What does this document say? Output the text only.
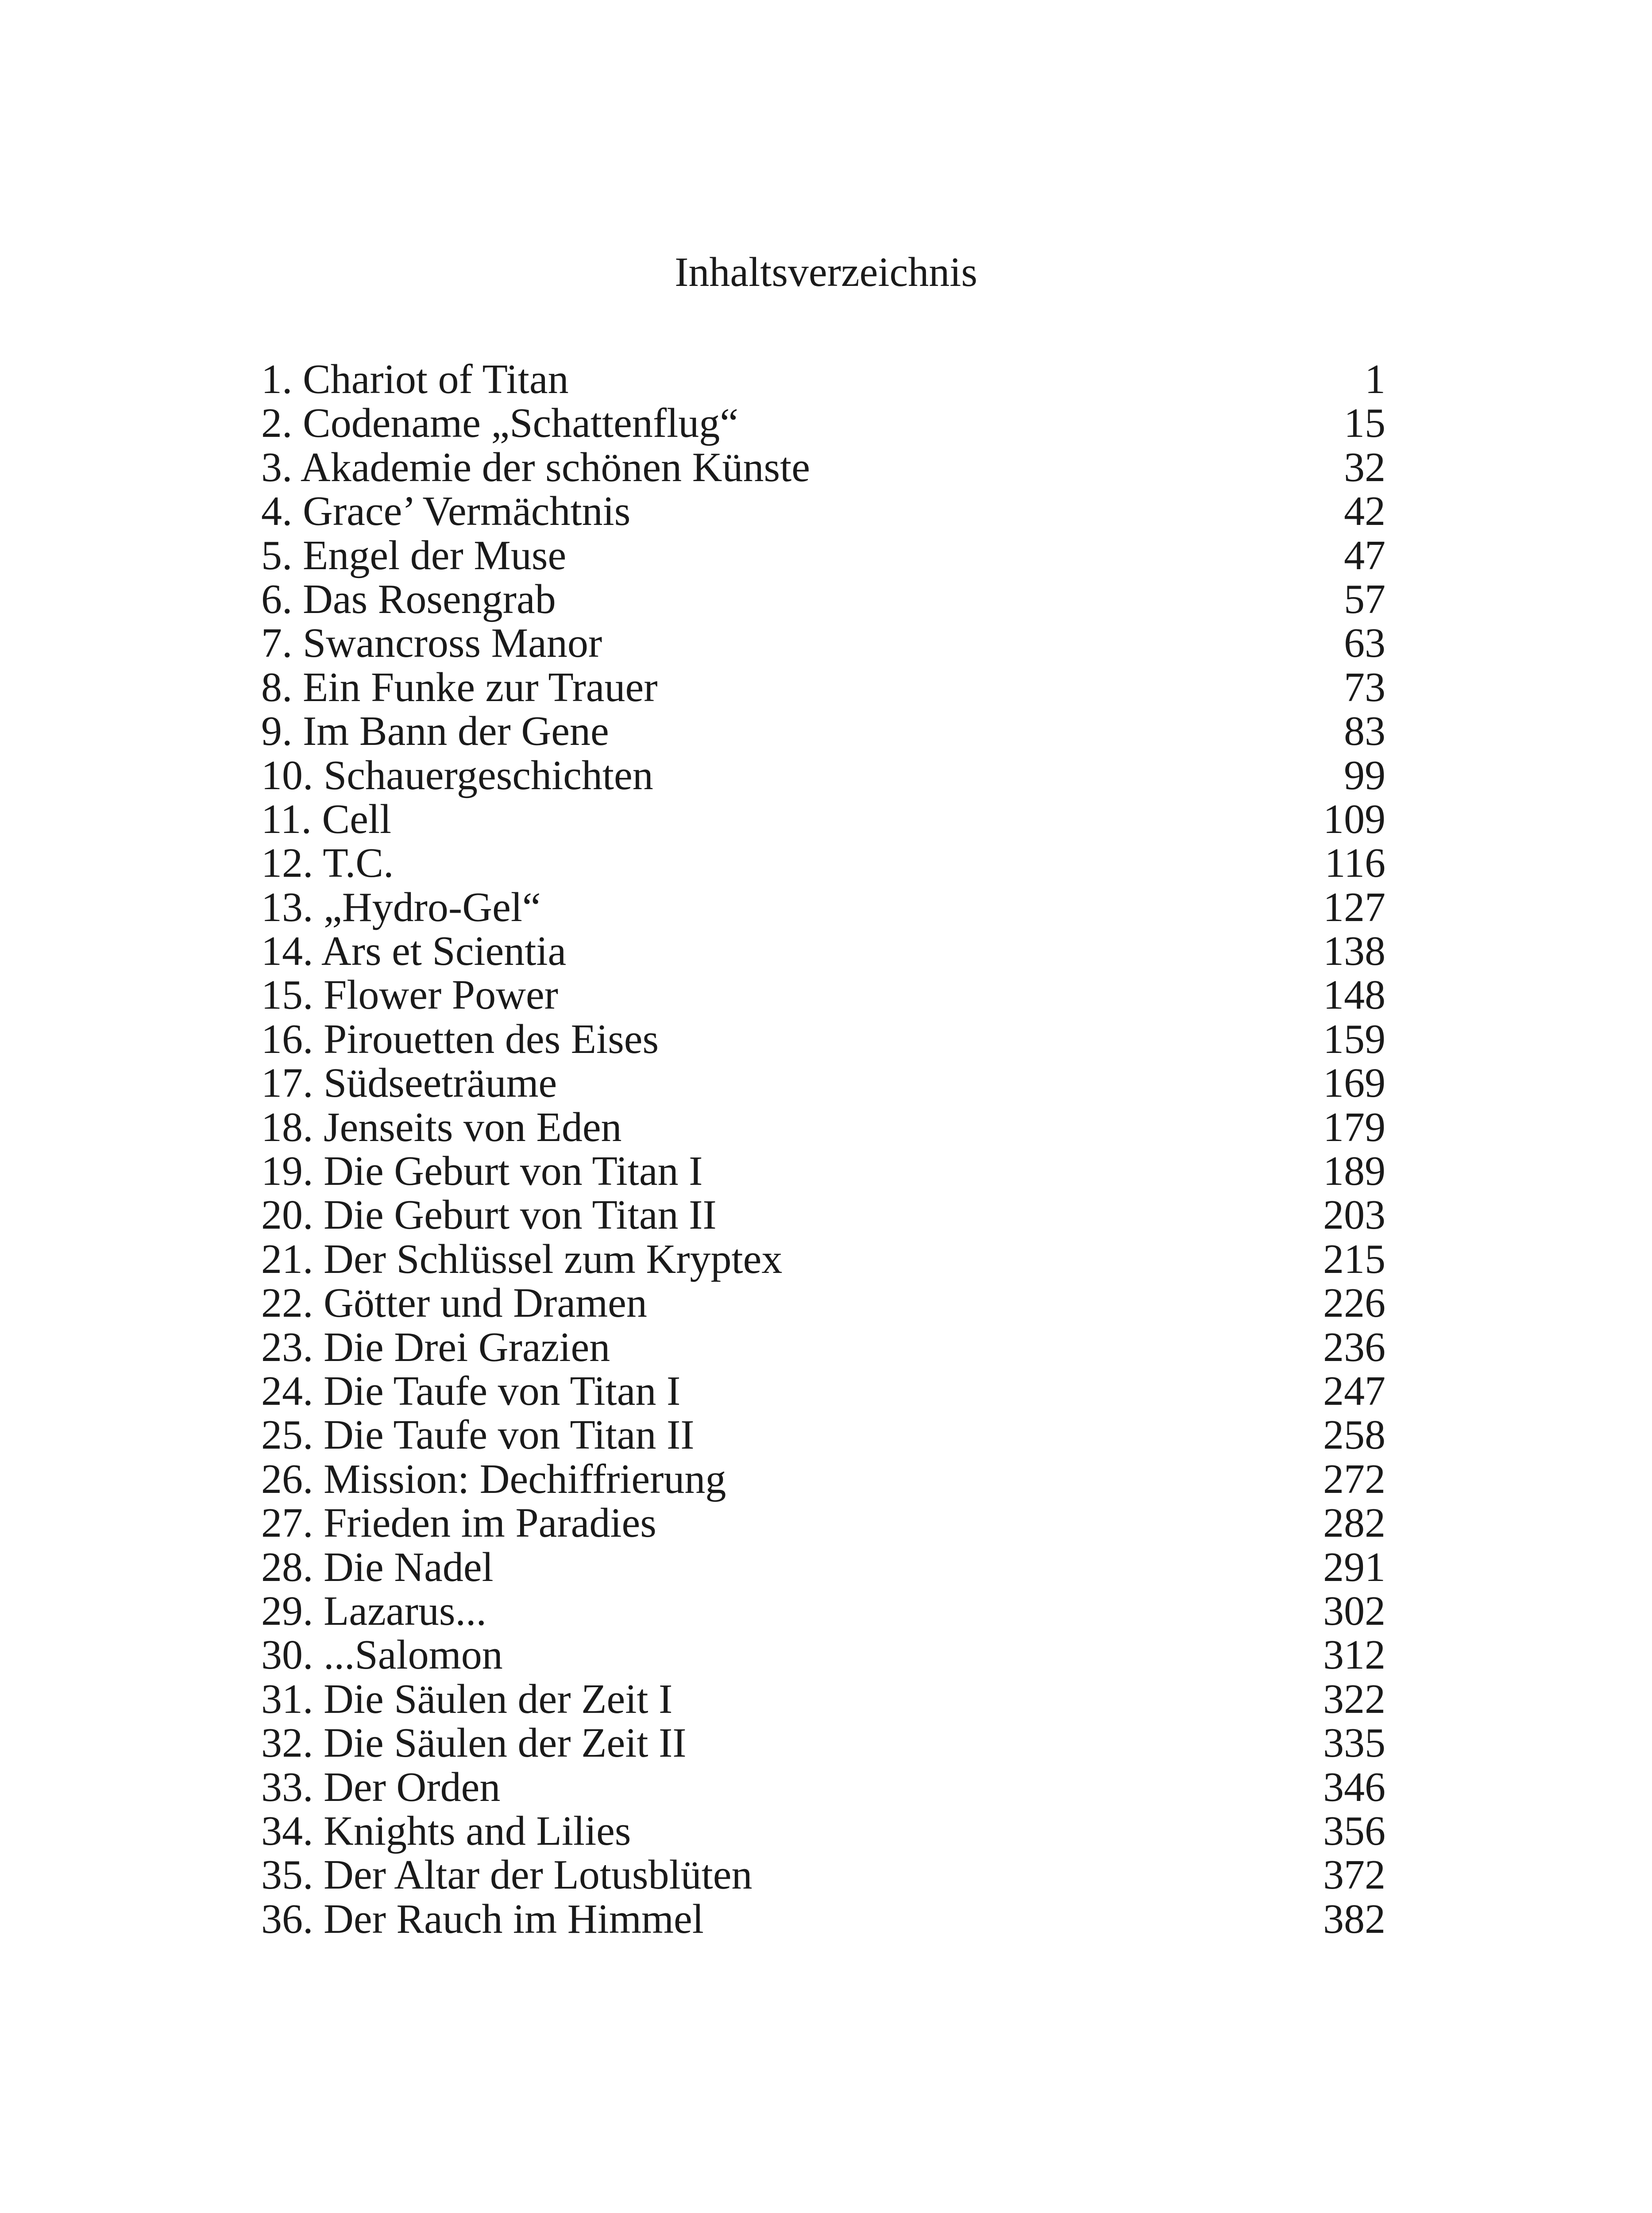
Inhaltsverzeichnis
1. Chariot of Titan	1
2. Codename „Schattenflug“	15
3. Akademie der schönen Künste	32
4. Grace’ Vermächtnis	42
5. Engel der Muse	47
6. Das Rosengrab	57
7. Swancross Manor	63
8. Ein Funke zur Trauer	73
9. Im Bann der Gene	83
10. Schauergeschichten	99
11. Cell	109
12. T.C.	116
13. „Hydro-Gel“	127
14. Ars et Scientia	138
15. Flower Power	148
16. Pirouetten des Eises	159
17. Südseeträume	169
18. Jenseits von Eden	179
19. Die Geburt von Titan I	189
20. Die Geburt von Titan II	203
21. Der Schlüssel zum Kryptex	215
22. Götter und Dramen	226
23. Die Drei Grazien	236
24. Die Taufe von Titan I	247
25. Die Taufe von Titan II	258
26. Mission: Dechiffrierung	272
27. Frieden im Paradies	282
28. Die Nadel	291
29. Lazarus...	302
30. ...Salomon	312
31. Die Säulen der Zeit I	322
32. Die Säulen der Zeit II	335
33. Der Orden	346
34. Knights and Lilies	356
35. Der Altar der Lotusblüten	372
36. Der Rauch im Himmel	382
